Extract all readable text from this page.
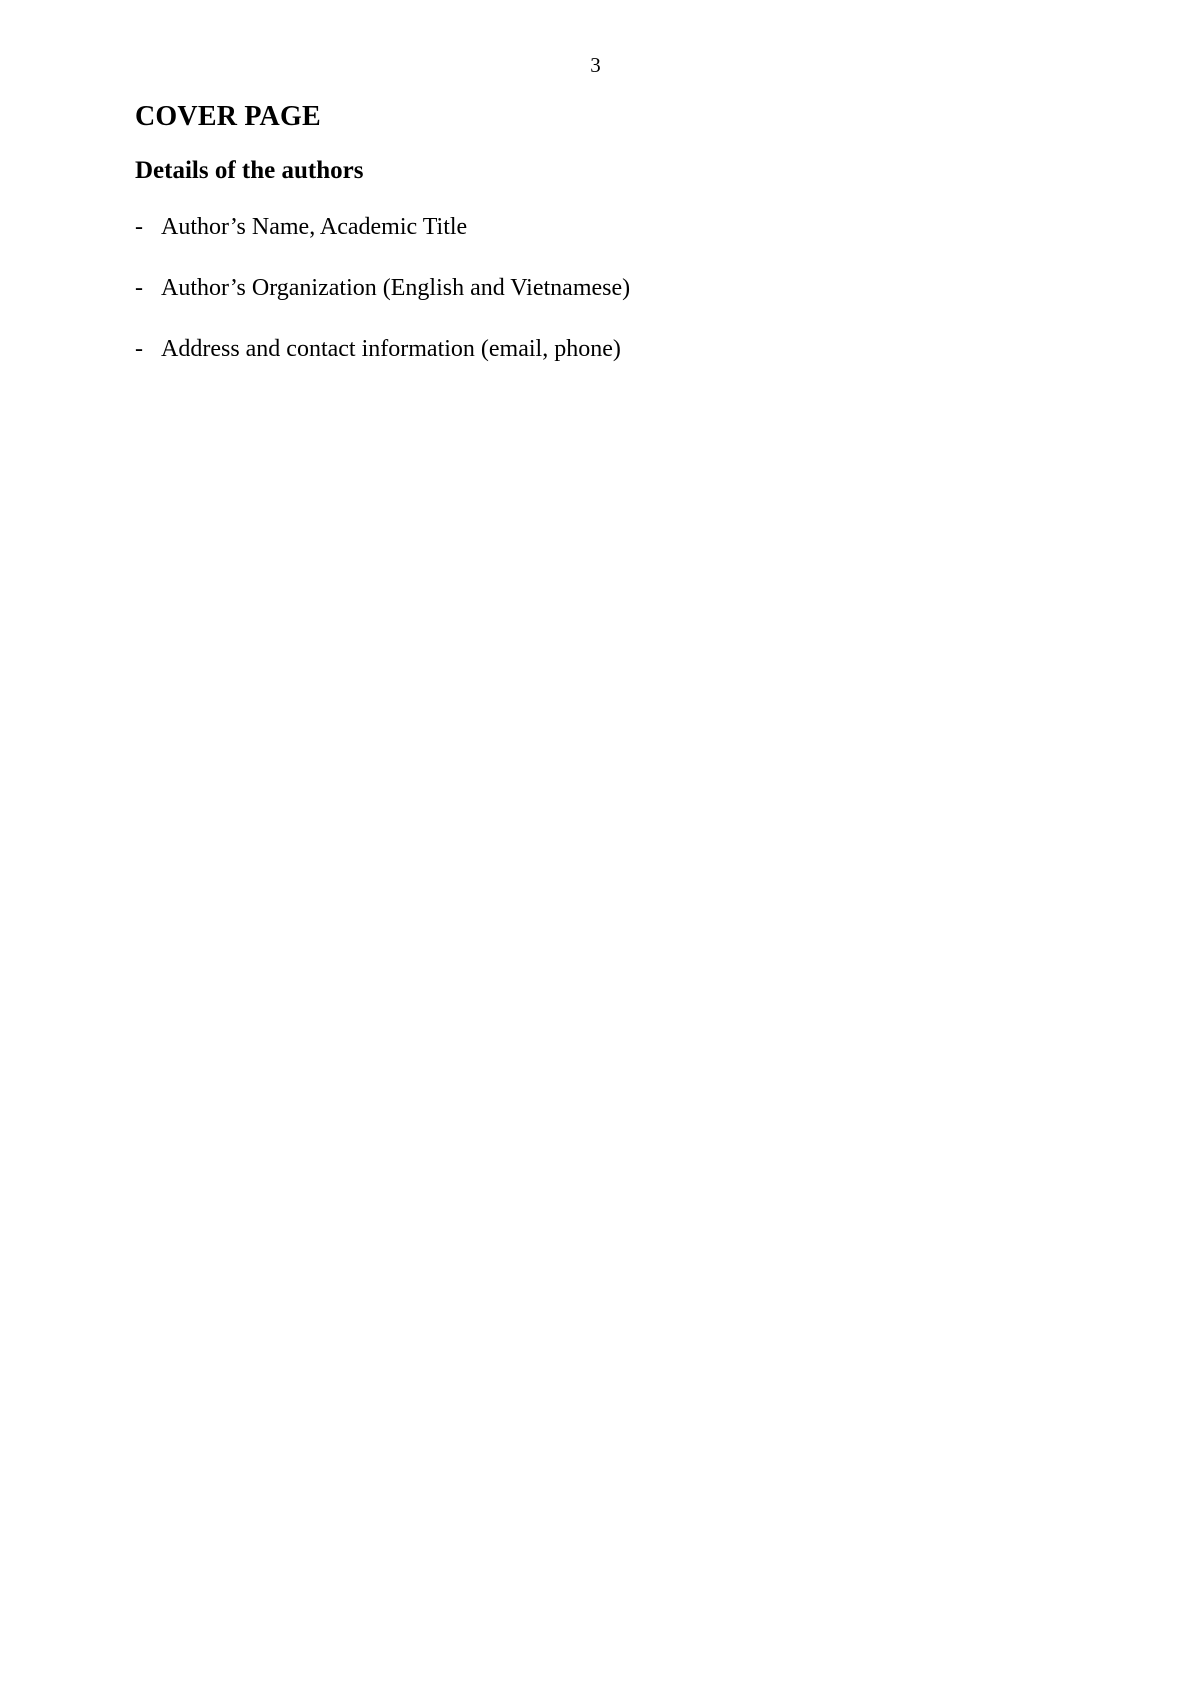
3
COVER PAGE
Details of the authors
- Author’s Name, Academic Title
- Author’s Organization (English and Vietnamese)
- Address and contact information (email, phone)
